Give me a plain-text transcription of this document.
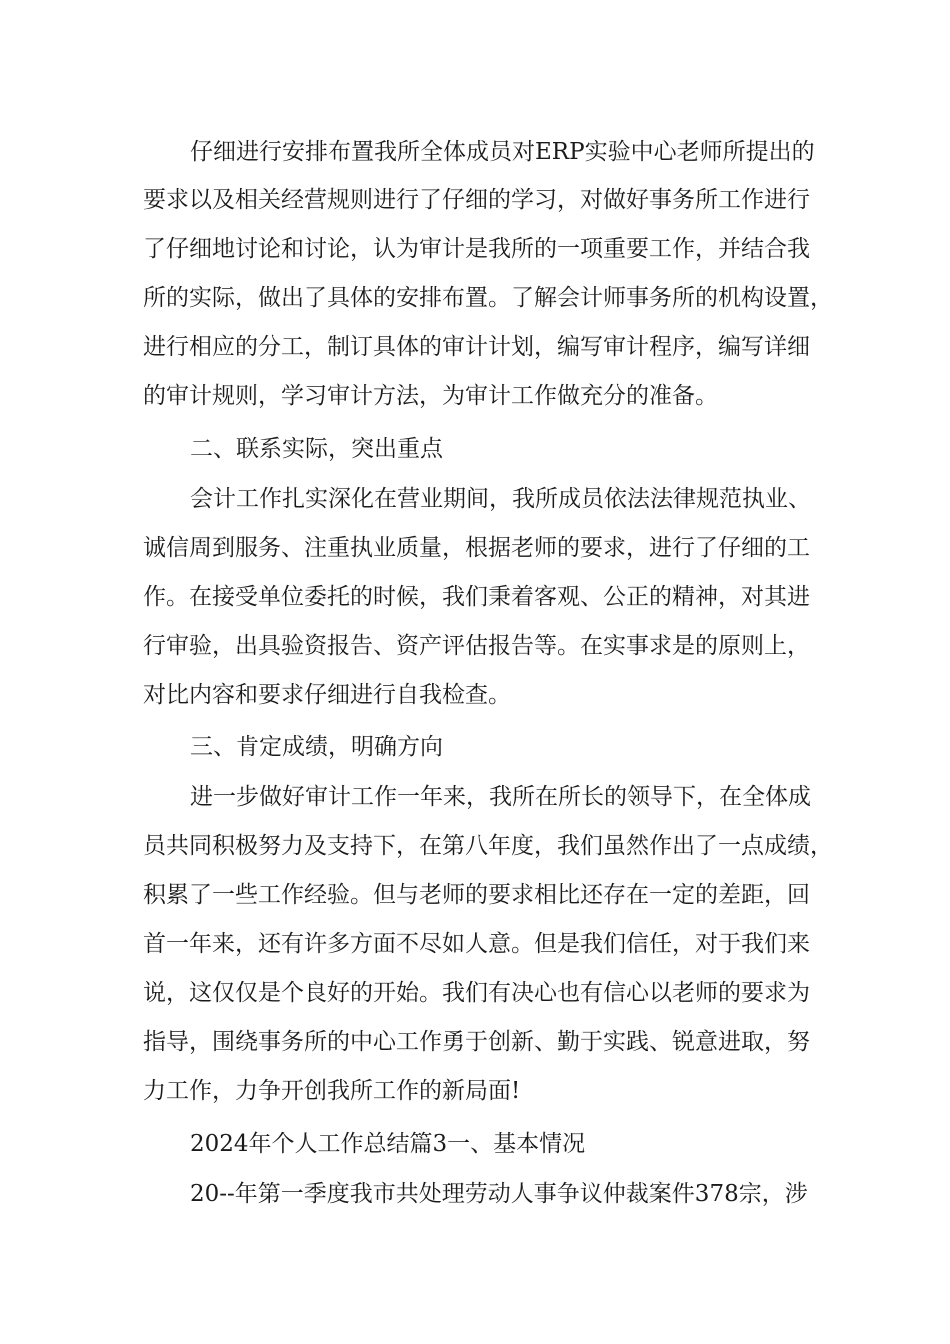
仔细进行安排布置我所全体成员对ERP实验中心老师所提出的
要求以及相关经营规则进行了仔细的学习，对做好事务所工作进行
了仔细地讨论和讨论，认为审计是我所的一项重要工作，并结合我
所的实际，做出了具体的安排布置。了解会计师事务所的机构设置，
进行相应的分工，制订具体的审计计划，编写审计程序，编写详细
的审计规则，学习审计方法，为审计工作做充分的准备。
二、联系实际，突出重点
会计工作扎实深化在营业期间，我所成员依法法律规范执业、
诚信周到服务、注重执业质量，根据老师的要求，进行了仔细的工
作。在接受单位委托的时候，我们秉着客观、公正的精神，对其进
行审验，出具验资报告、资产评估报告等。在实事求是的原则上，
对比内容和要求仔细进行自我检查。
三、肯定成绩，明确方向
进一步做好审计工作一年来，我所在所长的领导下，在全体成
员共同积极努力及支持下，在第八年度，我们虽然作出了一点成绩，
积累了一些工作经验。但与老师的要求相比还存在一定的差距，回
首一年来，还有许多方面不尽如人意。但是我们信任，对于我们来
说，这仅仅是个良好的开始。我们有决心也有信心以老师的要求为
指导，围绕事务所的中心工作勇于创新、勤于实践、锐意进取，努
力工作，力争开创我所工作的新局面!
2024年个人工作总结篇3一、基本情况
20--年第一季度我市共处理劳动人事争议仲裁案件378宗，涉
